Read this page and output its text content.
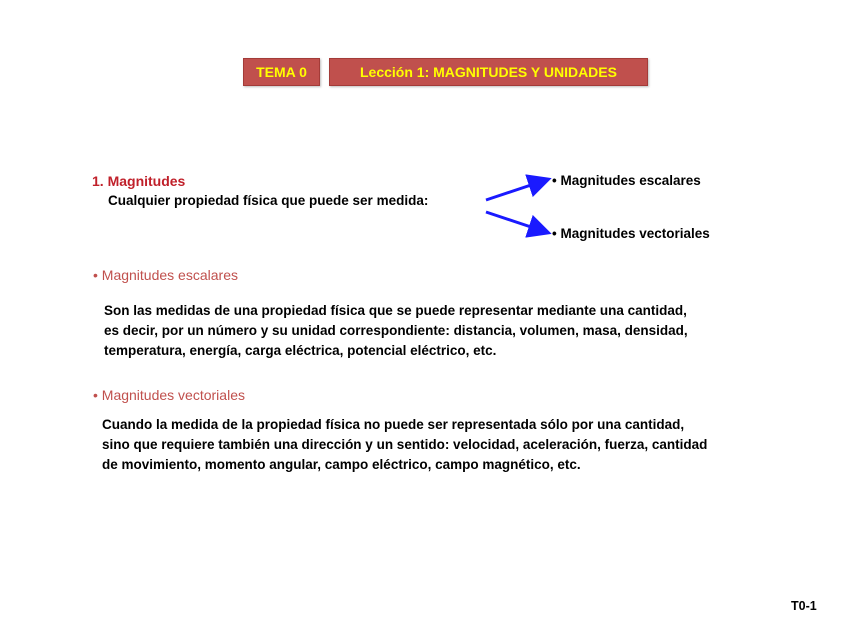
TEMA 0	Lección 1: MAGNITUDES Y UNIDADES
1. Magnitudes
Cualquier propiedad física que puede ser medida:
• Magnitudes escalares
• Magnitudes vectoriales
• Magnitudes escalares
Son las medidas de una propiedad física que se puede representar mediante una cantidad,
es decir, por un número y su unidad correspondiente: distancia, volumen, masa, densidad,
temperatura, energía, carga eléctrica, potencial eléctrico, etc.
• Magnitudes vectoriales
Cuando la medida de la propiedad física no puede ser representada sólo por una cantidad,
sino que requiere también una dirección y un sentido: velocidad, aceleración, fuerza, cantidad
de movimiento, momento angular, campo eléctrico, campo magnético, etc.
T0-1
